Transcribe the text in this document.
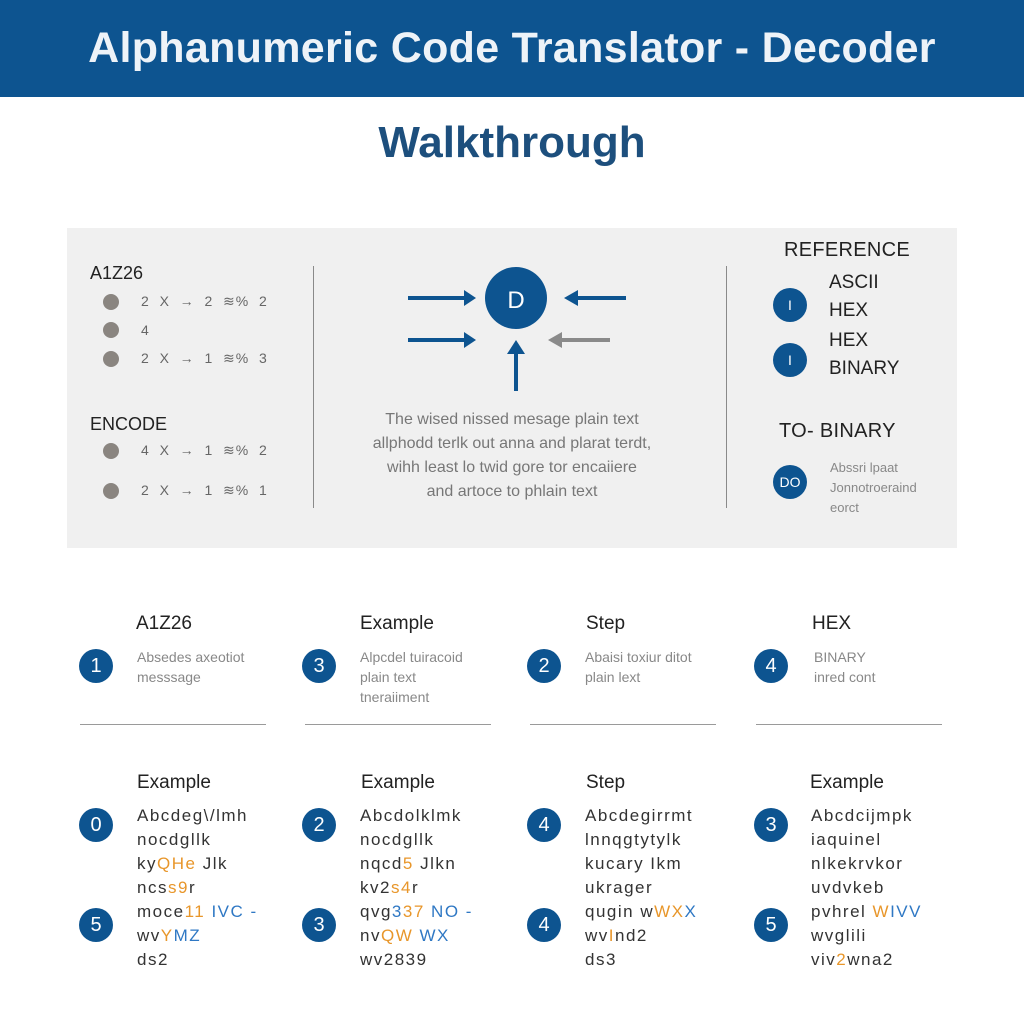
Alphanumeric Code Translator - Decoder
Walkthrough
A1Z26
2  X  →  2  ≋%  2
4
2  X  →  1  ≋%  3
ENCODE
4  X  →  1  ≋%  2
2  X  →  1  ≋%  1
D
The wised nissed mesage plain text
allphodd terlk out anna and plarat terdt,
wihh least lo twid gore tor encaiiere
and artoce to phlain text
REFERENCE
I
ASCII
HEX
I
HEX
BINARY
TO- BINARY
DO
Abssri lpaat
Jonnotroeraind
eorct
A1Z26
1	Absedes axeotiot
messsage
Example
3	Alpcdel tuiracoid
plain text
tneraiiment
Step
2	Abaisi toxiur ditot
plain lext
HEX
4	BINARY
inred cont
Example
0
5
Abcdeg\/lmh
nocdgllk
kyQHe Jlk
ncss9r
moce11 IVC -
wvYMZ
ds2
Example
2
3
Abcdolklmk
nocdgllk
nqcd5 Jlkn
kv2s4r
qvg337 NO -
nvQW WX
wv2839
Step
4
4
Abcdegirrmt
lnnqgtytylk
kucary Ikm
ukrager
qugin wWXX
wvInd2
ds3
Example
3
5
Abcdcijmpk
iaquinel
nlkekrvkor
uvdvkeb
pvhrel WIVV
wvglili
viv2wna2
